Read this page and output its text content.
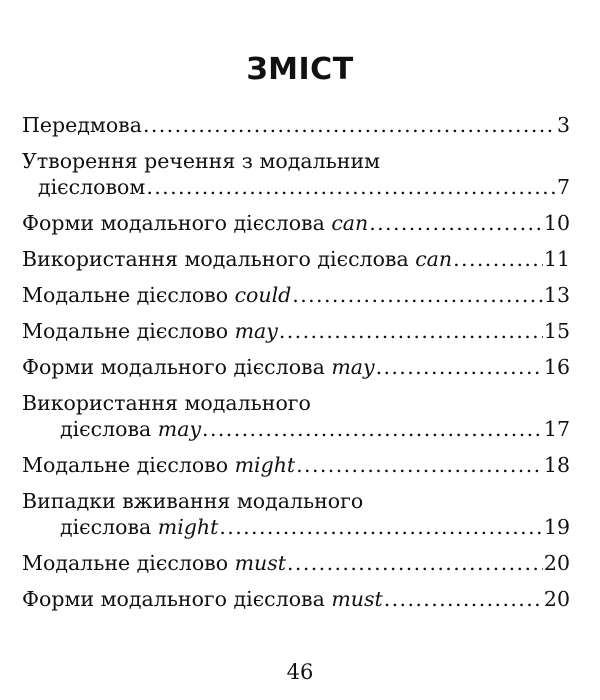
ЗМІСТ
Передмова .....	3
Утворення речення з модальним
дієсловом .....	7
Форми модального дієслова can .....	10
Використання модального дієслова can .....	11
Модальне дієслово could .....	13
Модальне дієслово may .....	15
Форми модального дієслова may .....	16
Використання модального
дієслова may .....	17
Модальне дієслово might .....	18
Випадки вживання модального
дієслова might .....	19
Модальне дієслово must .....	20
Форми модального дієслова must .....	20
46
